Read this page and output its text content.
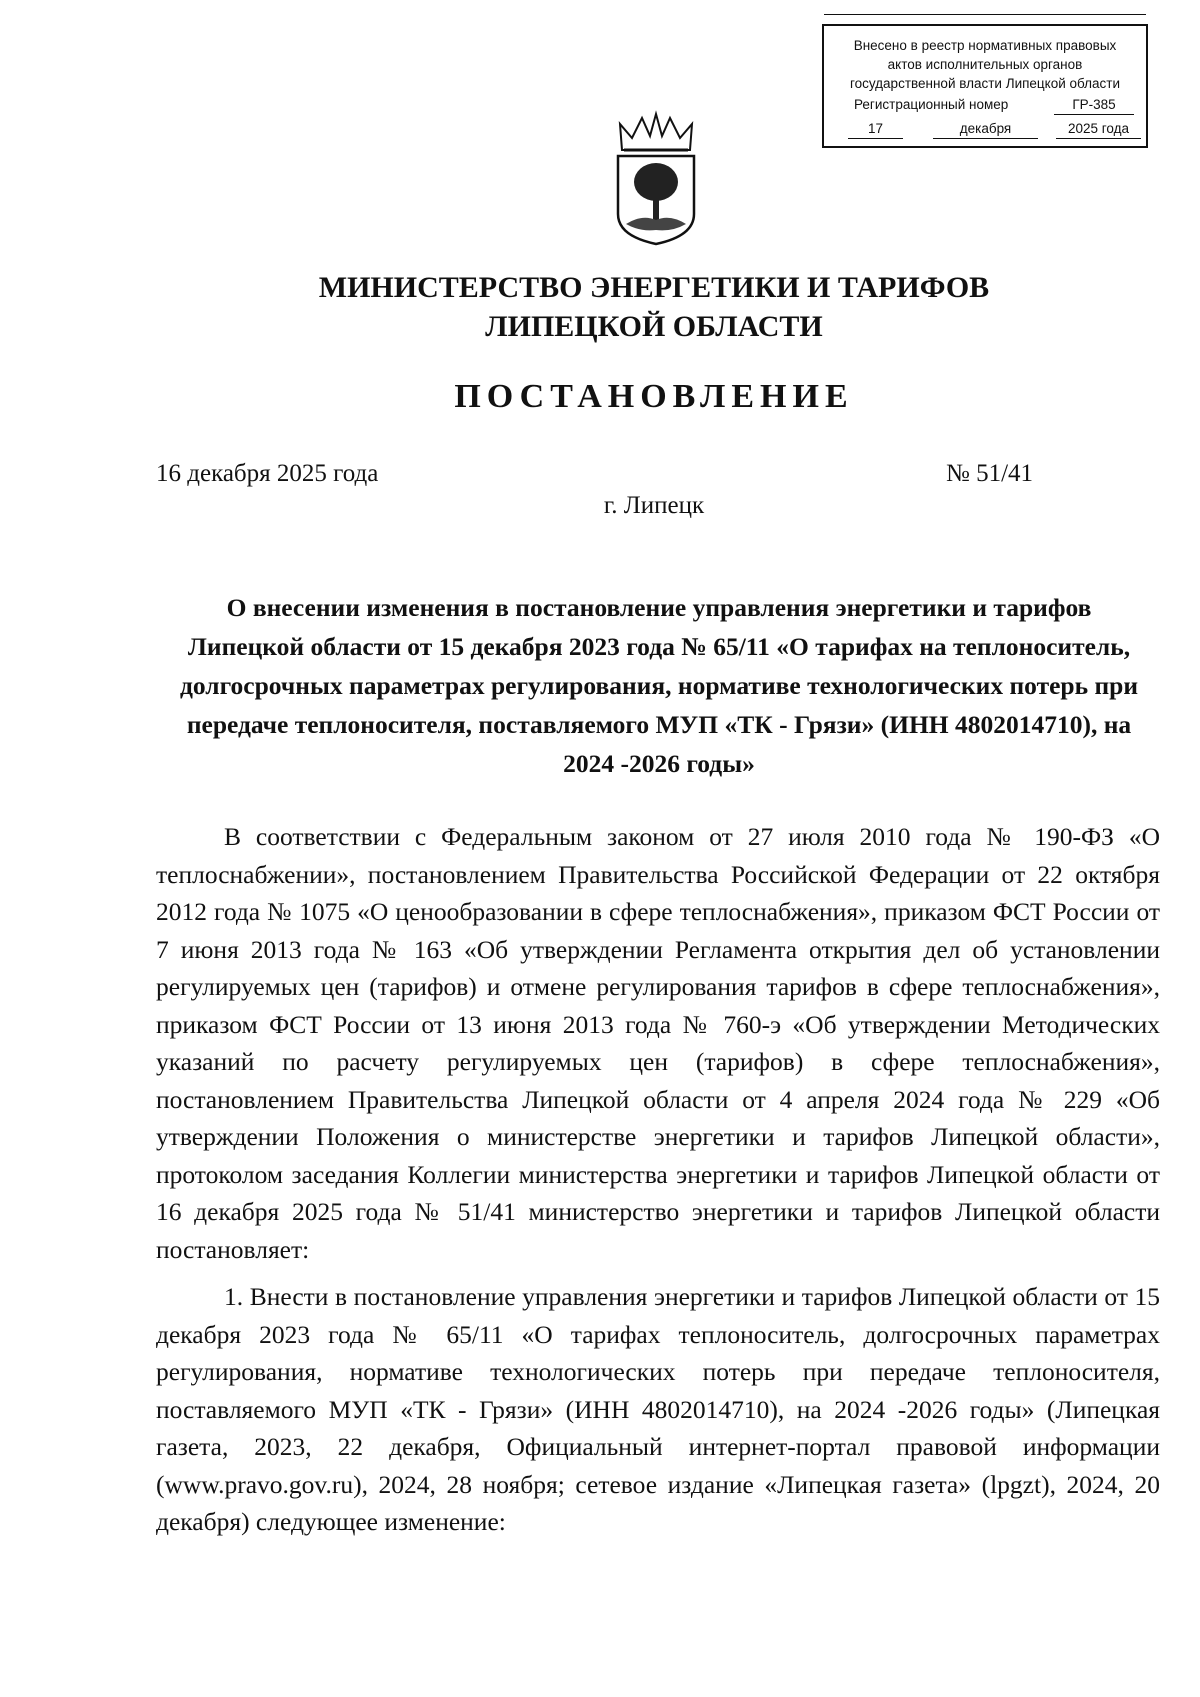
Внесено в реестр нормативных правовых
актов исполнительных органов
государственной власти Липецкой области
Регистрационный номер	ГР-385
17	декабря	2025 года
МИНИСТЕРСТВО ЭНЕРГЕТИКИ И ТАРИФОВ
ЛИПЕЦКОЙ ОБЛАСТИ
ПОСТАНОВЛЕНИЕ
16 декабря 2025 года	№ 51/41
г. Липецк
О внесении изменения в постановление управления энергетики и тарифов Липецкой области от 15 декабря 2023 года № 65/11 «О тарифах на теплоноситель, долгосрочных параметрах регулирования, нормативе технологических потерь при передаче теплоносителя, поставляемого МУП «ТК - Грязи» (ИНН 4802014710), на 2024 -2026 годы»

В соответствии с Федеральным законом от 27 июля 2010 года № 190-ФЗ «О теплоснабжении», постановлением Правительства Российской Федерации от 22 октября 2012 года № 1075 «О ценообразовании в сфере теплоснабжения», приказом ФСТ России от 7 июня 2013 года № 163 «Об утверждении Регламента открытия дел об установлении регулируемых цен (тарифов) и отмене регулирования тарифов в сфере теплоснабжения», приказом ФСТ России от 13 июня 2013 года № 760-э «Об утверждении Методических указаний по расчету регулируемых цен (тарифов) в сфере теплоснабжения», постановлением Правительства Липецкой области от 4 апреля 2024 года № 229 «Об утверждении Положения о министерстве энергетики и тарифов Липецкой области», протоколом заседания Коллегии министерства энергетики и тарифов Липецкой области от 16 декабря 2025 года № 51/41 министерство энергетики и тарифов Липецкой области постановляет:

1. Внести в постановление управления энергетики и тарифов Липецкой области от 15 декабря 2023 года № 65/11 «О тарифах теплоноситель, долгосрочных параметрах регулирования, нормативе технологических потерь при передаче теплоносителя, поставляемого МУП «ТК - Грязи» (ИНН 4802014710), на 2024 -2026 годы» (Липецкая газета, 2023, 22 декабря, Официальный интернет-портал правовой информации (www.pravo.gov.ru), 2024, 28 ноября; сетевое издание «Липецкая газета» (lpgzt), 2024, 20 декабря) следующее изменение:
